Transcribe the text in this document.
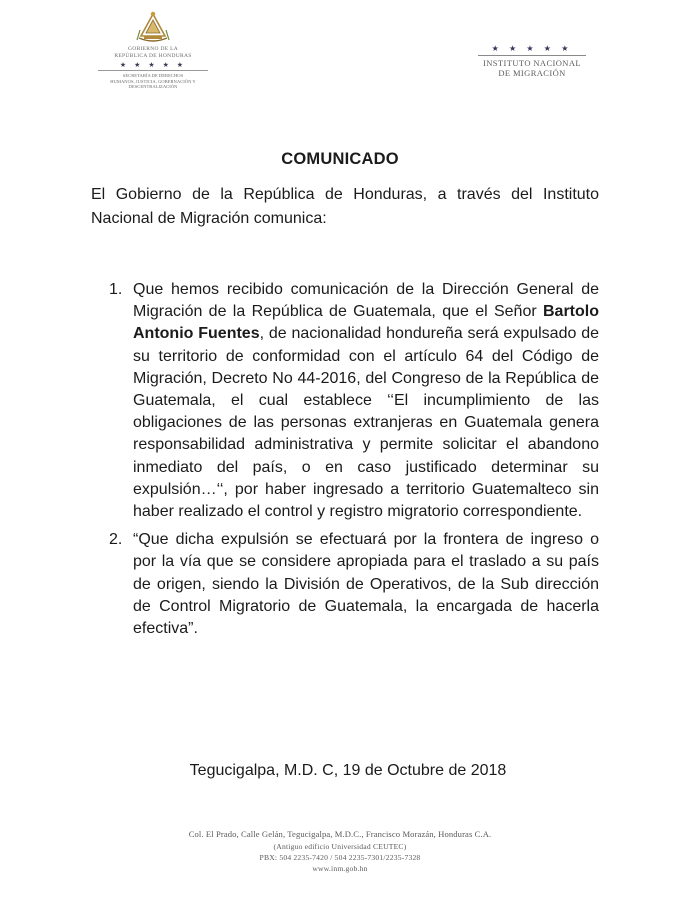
GOBIERNO DE LA
REPÚBLICA DE HONDURAS
★ ★ ★ ★ ★
SECRETARÍA DE DERECHOS
HUMANOS, JUSTICIA, GOBERNACIÓN Y
DESCENTRALIZACIÓN
★ ★ ★ ★ ★
INSTITUTO NACIONAL
DE MIGRACIÓN
COMUNICADO
El Gobierno de la República de Honduras, a través del Instituto Nacional de Migración comunica:
1. Que hemos recibido comunicación de la Dirección General de Migración de la República de Guatemala, que el Señor Bartolo Antonio Fuentes, de nacionalidad hondureña será expulsado de su territorio de conformidad con el artículo 64 del Código de Migración, Decreto No 44-2016, del Congreso de la República de Guatemala, el cual establece ‘‘El incumplimiento de las obligaciones de las personas extranjeras en Guatemala genera responsabilidad administrativa y permite solicitar el abandono inmediato del país, o en caso justificado determinar su expulsión…‘‘, por haber ingresado a territorio Guatemalteco sin haber realizado el control y registro migratorio correspondiente.
2. “Que dicha expulsión se efectuará por la frontera de ingreso o por la vía que se considere apropiada para el traslado a su país de origen, siendo la División de Operativos, de la Sub dirección de Control Migratorio de Guatemala, la encargada de hacerla efectiva”.
Tegucigalpa, M.D. C, 19 de Octubre de 2018
Col. El Prado, Calle Gelán, Tegucigalpa, M.D.C., Francisco Morazán, Honduras C.A.
(Antiguo edificio Universidad CEUTEC)
PBX: 504 2235-7420 / 504 2235-7301/2235-7328
www.inm.gob.hn
